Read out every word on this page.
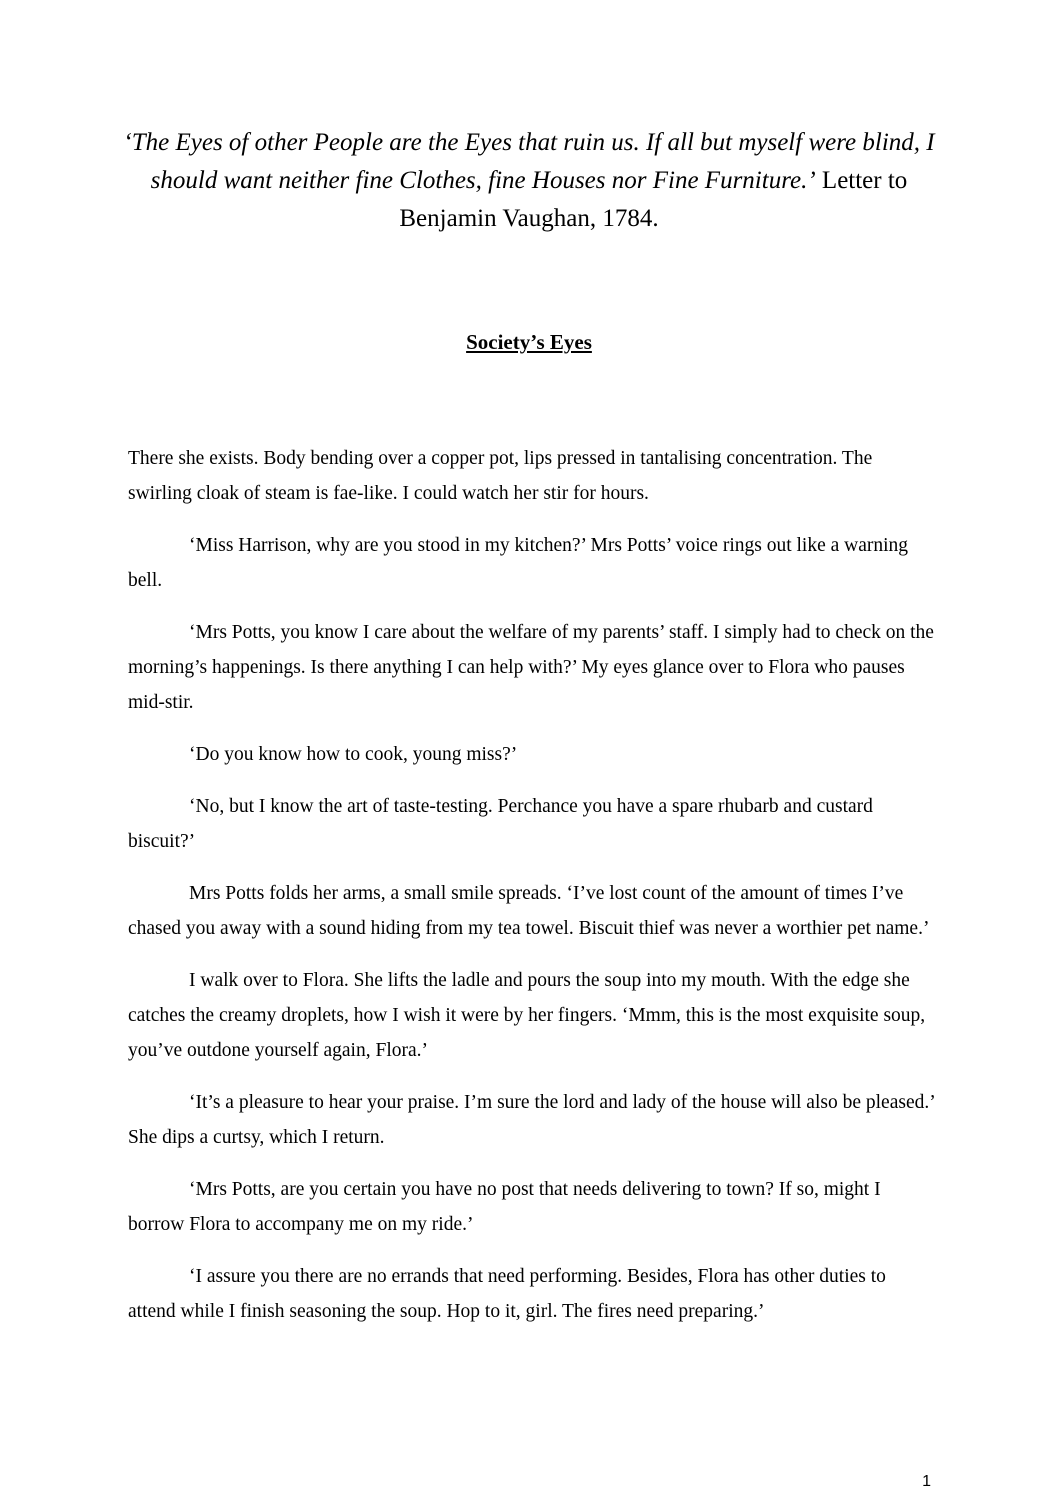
‘The Eyes of other People are the Eyes that ruin us. If all but myself were blind, I should want neither fine Clothes, fine Houses nor Fine Furniture.’ Letter to Benjamin Vaughan, 1784.
Society’s Eyes

There she exists. Body bending over a copper pot, lips pressed in tantalising concentration. The swirling cloak of steam is fae-like. I could watch her stir for hours.

‘Miss Harrison, why are you stood in my kitchen?’ Mrs Potts’ voice rings out like a warning bell.

‘Mrs Potts, you know I care about the welfare of my parents’ staff. I simply had to check on the morning’s happenings. Is there anything I can help with?’ My eyes glance over to Flora who pauses mid-stir.

‘Do you know how to cook, young miss?’

‘No, but I know the art of taste-testing. Perchance you have a spare rhubarb and custard biscuit?’

Mrs Potts folds her arms, a small smile spreads. ‘I’ve lost count of the amount of times I’ve chased you away with a sound hiding from my tea towel. Biscuit thief was never a worthier pet name.’

I walk over to Flora. She lifts the ladle and pours the soup into my mouth. With the edge she catches the creamy droplets, how I wish it were by her fingers. ‘Mmm, this is the most exquisite soup, you’ve outdone yourself again, Flora.’

‘It’s a pleasure to hear your praise. I’m sure the lord and lady of the house will also be pleased.’ She dips a curtsy, which I return.

‘Mrs Potts, are you certain you have no post that needs delivering to town? If so, might I borrow Flora to accompany me on my ride.’

‘I assure you there are no errands that need performing. Besides, Flora has other duties to attend while I finish seasoning the soup. Hop to it, girl. The fires need preparing.’

1
